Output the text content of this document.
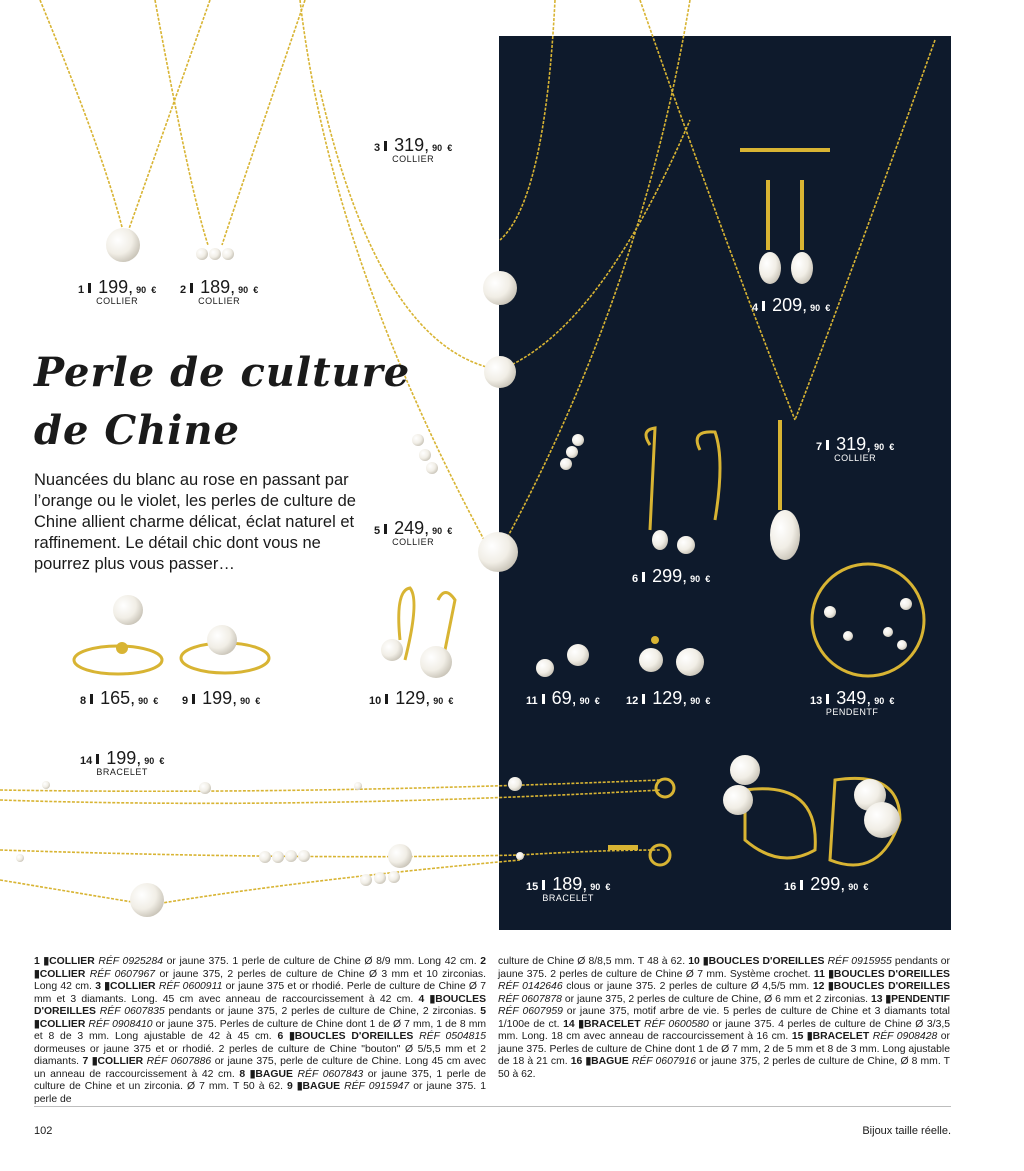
Perle de culture
de Chine
Nuancées du blanc au rose en passant par l’orange ou le violet, les perles de culture de Chine allient charme délicat, éclat naturel et raffinement. Le détail chic dont vous ne pourrez plus vous passer…
1 199, 90 €
COLLIER
2 189, 90 €
COLLIER
3 319, 90 €
COLLIER
4 209, 90 €
5 249, 90 €
COLLIER
6 299, 90 €
7 319, 90 €
COLLIER
8 165, 90 € 9 199, 90 €	10 129, 90 €	11 69, 90 € 12 129, 90 €	13 349, 90 €
PENDENTF
14 199, 90 €
BRACELET
15 189, 90 €
BRACELET
16 299, 90 €
1 ▮COLLIER RÉF 0925284 or jaune 375. 1 perle de culture de Chine Ø 8/9 mm. Long 42 cm. 2 ▮COLLIER RÉF 0607967 or jaune 375, 2 perles de culture de Chine Ø 3 mm et 10 zirconias. Long 42 cm. 3 ▮COLLIER RÉF 0600911 or jaune 375 et or rhodié. Perle de culture de Chine Ø 7 mm et 3 diamants. Long. 45 cm avec anneau de raccourcissement à 42 cm. 4 ▮BOUCLES D'OREILLES RÉF 0607835 pendants or jaune 375, 2 perles de culture de Chine, 2 zirconias. 5 ▮COLLIER RÉF 0908410 or jaune 375. Perles de culture de Chine dont 1 de Ø 7 mm, 1 de 8 mm et 8 de 3 mm. Long ajustable de 42 à 45 cm. 6 ▮BOUCLES D'OREILLES RÉF 0504815 dormeuses or jaune 375 et or rhodié. 2 perles de culture de Chine "bouton" Ø 5/5,5 mm et 2 diamants. 7 ▮COLLIER RÉF 0607886 or jaune 375, perle de culture de Chine. Long 45 cm avec un anneau de raccourcissement à 42 cm. 8 ▮BAGUE RÉF 0607843 or jaune 375, 1 perle de culture de Chine et un zirconia. Ø 7 mm. T 50 à 62. 9 ▮BAGUE RÉF 0915947 or jaune 375. 1 perle de
culture de Chine Ø 8/8,5 mm. T 48 à 62. 10 ▮BOUCLES D'OREILLES RÉF 0915955 pendants or jaune 375. 2 perles de culture de Chine Ø 7 mm. Système crochet. 11 ▮BOUCLES D'OREILLES RÉF 0142646 clous or jaune 375. 2 perles de culture Ø 4,5/5 mm. 12 ▮BOUCLES D'OREILLES RÉF 0607878 or jaune 375, 2 perles de culture de Chine, Ø 6 mm et 2 zirconias. 13 ▮PENDENTIF RÉF 0607959 or jaune 375, motif arbre de vie. 5 perles de culture de Chine et 3 diamants total 1/100e de ct. 14 ▮BRACELET RÉF 0600580 or jaune 375. 4 perles de culture de Chine Ø 3/3,5 mm. Long. 18 cm avec anneau de raccourcissement à 16 cm. 15 ▮BRACELET RÉF 0908428 or jaune 375. Perles de culture de Chine dont 1 de Ø 7 mm, 2 de 5 mm et 8 de 3 mm. Long ajustable de 18 à 21 cm. 16 ▮BAGUE RÉF 0607916 or jaune 375, 2 perles de culture de Chine, Ø 8 mm. T 50 à 62.
102	Bijoux taille réelle.
